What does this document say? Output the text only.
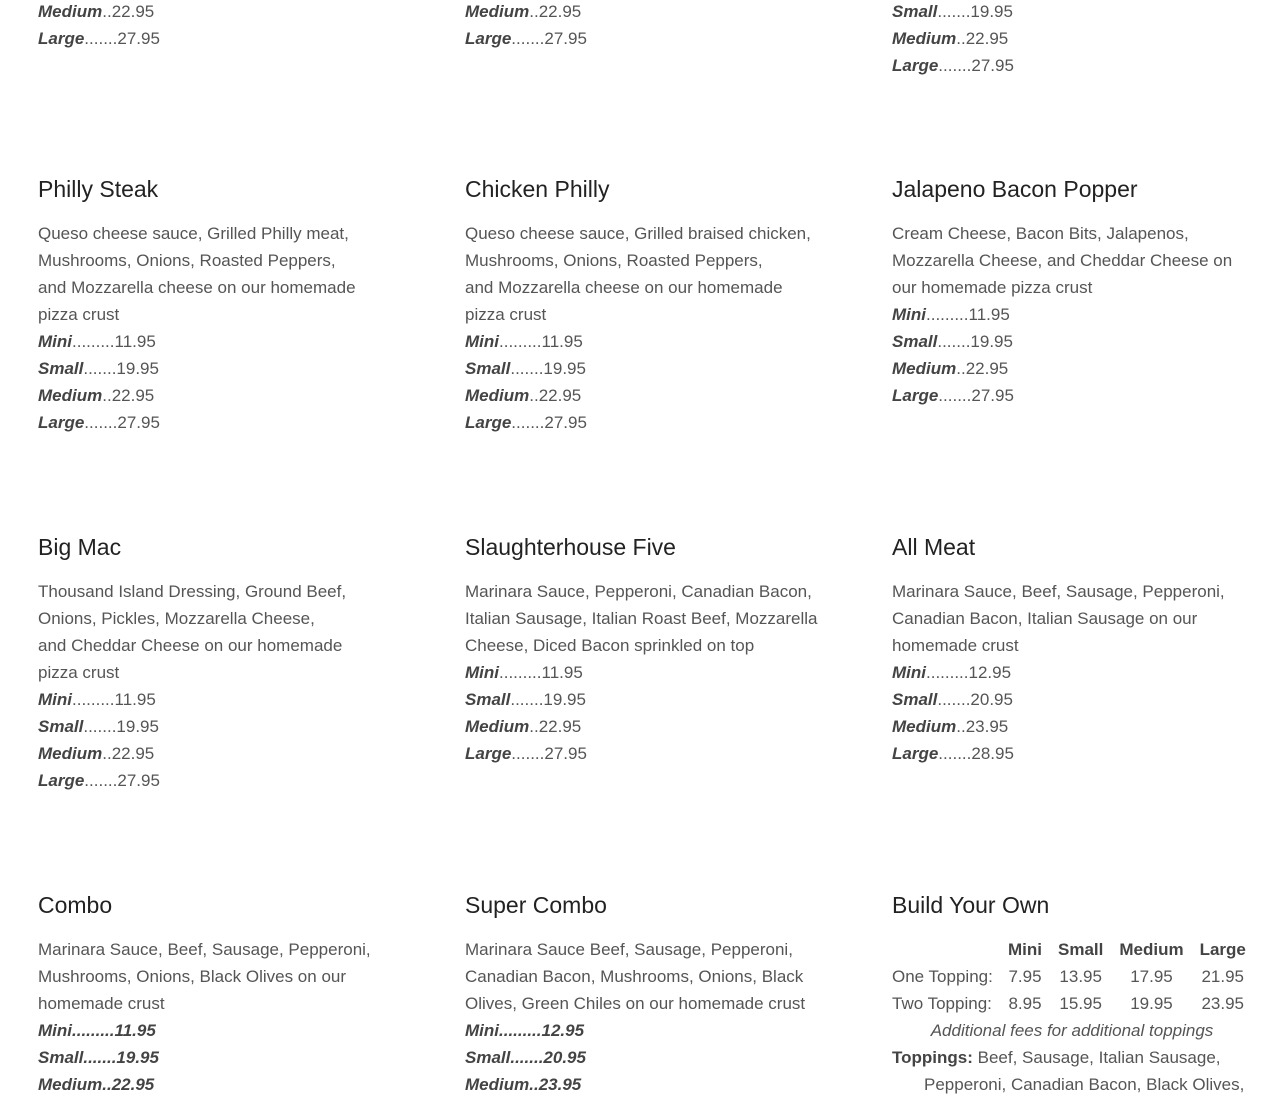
Medium..22.95
Large.......27.95
Medium..22.95
Large.......27.95
Small.......19.95
Medium..22.95
Large.......27.95
Philly Steak
Queso cheese sauce, Grilled Philly meat,
Mushrooms, Onions, Roasted Peppers,
and Mozzarella cheese on our homemade
pizza crust
Mini.........11.95
Small.......19.95
Medium..22.95
Large.......27.95
Chicken Philly
Queso cheese sauce, Grilled braised chicken,
Mushrooms, Onions, Roasted Peppers,
and Mozzarella cheese on our homemade
pizza crust
Mini.........11.95
Small.......19.95
Medium..22.95
Large.......27.95
Jalapeno Bacon Popper
Cream Cheese, Bacon Bits, Jalapenos,
Mozzarella Cheese, and Cheddar Cheese on
our homemade pizza crust
Mini.........11.95
Small.......19.95
Medium..22.95
Large.......27.95
Big Mac
Thousand Island Dressing, Ground Beef,
Onions, Pickles, Mozzarella Cheese,
and Cheddar Cheese on our homemade
pizza crust
Mini.........11.95
Small.......19.95
Medium..22.95
Large.......27.95
Slaughterhouse Five
Marinara Sauce, Pepperoni, Canadian Bacon,
Italian Sausage, Italian Roast Beef, Mozzarella
Cheese, Diced Bacon sprinkled on top
Mini.........11.95
Small.......19.95
Medium..22.95
Large.......27.95
All Meat
Marinara Sauce, Beef, Sausage, Pepperoni,
Canadian Bacon, Italian Sausage on our
homemade crust
Mini.........12.95
Small.......20.95
Medium..23.95
Large.......28.95
Combo
Marinara Sauce, Beef, Sausage, Pepperoni,
Mushrooms, Onions, Black Olives on our
homemade crust
Mini.........11.95
Small.......19.95
Medium..22.95
Super Combo
Marinara Sauce Beef, Sausage, Pepperoni,
Canadian Bacon, Mushrooms, Onions, Black
Olives, Green Chiles on our homemade crust
Mini.........12.95
Small.......20.95
Medium..23.95
Build Your Own
	Mini	Small	Medium	Large
One Topping:	7.95	13.95	17.95	21.95
Two Topping:	8.95	15.95	19.95	23.95
Additional fees for additional toppings
Toppings: Beef, Sausage, Italian Sausage, Pepperoni, Canadian Bacon, Black Olives,
